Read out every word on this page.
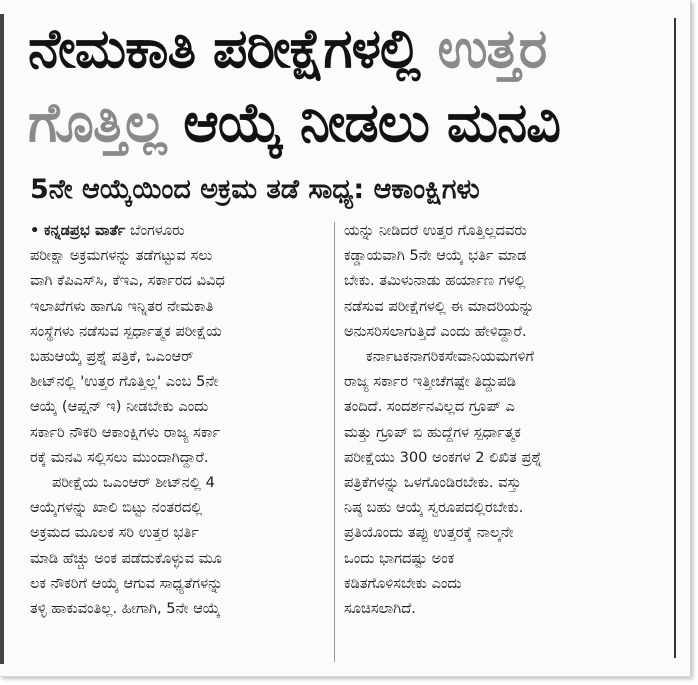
ನೇಮಕಾತಿ ಪರೀಕ್ಷೆಗಳಲ್ಲಿ ಉತ್ತರ
ಗೊತ್ತಿಲ್ಲ ಆಯ್ಕೆ ನೀಡಲು ಮನವಿ
5ನೇ ಆಯ್ಕೆಯಿಂದ ಅಕ್ರಮ ತಡೆ ಸಾಧ್ಯ: ಆಕಾಂಕ್ಷಿಗಳು
• ಕನ್ನಡಪ್ರಭ ವಾರ್ತೆ ಬೆಂಗಳೂರು
ಪರೀಕ್ಷಾ ಅಕ್ರಮಗಳನ್ನು ತಡೆಗಟ್ಟುವ ಸಲು
ವಾಗಿ ಕೆಪಿಎಸ್‌ಸಿ, ಕೆಇಎ, ಸರ್ಕಾರದ ವಿವಿಧ
ಇಲಾಖೆಗಳು ಹಾಗೂ ಇನ್ನಿತರ ನೇಮಕಾತಿ
ಸಂಸ್ಥೆಗಳು ನಡೆಸುವ ಸ್ಪರ್ಧಾತ್ಮಕ ಪರೀಕ್ಷೆಯ
ಬಹುಆಯ್ಕೆ ಪ್ರಶ್ನೆ ಪತ್ರಿಕೆ, ಒಎಂಆರ್
ಶೀಟ್‌ನಲ್ಲಿ 'ಉತ್ತರ ಗೊತ್ತಿಲ್ಲ' ಎಂಬ 5ನೇ
ಆಯ್ಕೆ (ಆಪ್ಷನ್ ಇ) ನೀಡಬೇಕು ಎಂದು
ಸರ್ಕಾರಿ ನೌಕರಿ ಆಕಾಂಕ್ಷಿಗಳು ರಾಜ್ಯ ಸರ್ಕಾ
ರಕ್ಕೆ ಮನವಿ ಸಲ್ಲಿಸಲು ಮುಂದಾಗಿದ್ದಾರೆ.
ಪರೀಕ್ಷೆಯ ಒಎಂಆರ್ ಶೀಟ್‌ನಲ್ಲಿ 4
ಆಯ್ಕೆಗಳನ್ನು ಖಾಲಿ ಬಿಟ್ಟು ನಂತರದಲ್ಲಿ
ಅಕ್ರಮದ ಮೂಲಕ ಸರಿ ಉತ್ತರ ಭರ್ತಿ
ಮಾಡಿ ಹೆಚ್ಚು ಅಂಕ ಪಡೆದುಕೊಳ್ಳುವ ಮೂ
ಲಕ ನೌಕರಿಗೆ ಆಯ್ಕೆ ಆಗುವ ಸಾಧ್ಯತೆಗಳನ್ನು
ತಳ್ಳಿ ಹಾಕುವಂತಿಲ್ಲ. ಹೀಗಾಗಿ, 5ನೇ ಆಯ್ಕೆ
ಯನ್ನು ನೀಡಿದರೆ ಉತ್ತರ ಗೊತ್ತಿಲ್ಲದವರು
ಕಡ್ಡಾಯವಾಗಿ 5ನೇ ಆಯ್ಕೆ ಭರ್ತಿ ಮಾಡ
ಬೇಕು. ತಮಿಳುನಾಡು ಹರ್ಯಾಣ ಗಳಲ್ಲಿ
ನಡೆಸುವ ಪರೀಕ್ಷೆಗಳಲ್ಲಿ ಈ ಮಾದರಿಯನ್ನು
ಅನುಸರಿಸಲಾಗುತ್ತಿದೆ ಎಂದು ಹೇಳಿದ್ದಾರೆ.
ಕರ್ನಾಟಕನಾಗರಿಕಸೇವಾನಿಯಮಗಳಿಗೆ
ರಾಜ್ಯ ಸರ್ಕಾರ ಇತ್ತೀಚೆಗಷ್ಟೇ ತಿದ್ದುಪಡಿ
ತಂದಿದೆ. ಸಂದರ್ಶನವಿಲ್ಲದ ಗ್ರೂಪ್ ಎ
ಮತ್ತು ಗ್ರೂಪ್ ಬಿ ಹುದ್ದೆಗಳ ಸ್ಪರ್ಧಾತ್ಮಕ
ಪರೀಕ್ಷೆಯು 300 ಅಂಕಗಳ 2 ಲಿಖಿತ ಪ್ರಶ್ನೆ
ಪತ್ರಿಕೆಗಳನ್ನು ಒಳಗೊಂಡಿರಬೇಕು. ವಸ್ತು
ನಿಷ್ಠ ಬಹು ಆಯ್ಕೆ ಸ್ವರೂಪದಲ್ಲಿರಬೇಕು.
ಪ್ರತಿಯೊಂದು ತಪ್ಪು ಉತ್ತರಕ್ಕೆ ನಾಲ್ಕನೇ
ಒಂದು ಭಾಗದಷ್ಟು ಅಂಕ
ಕಡಿತಗೊಳಿಸಬೇಕು ಎಂದು
ಸೂಚಿಸಲಾಗಿದೆ.
